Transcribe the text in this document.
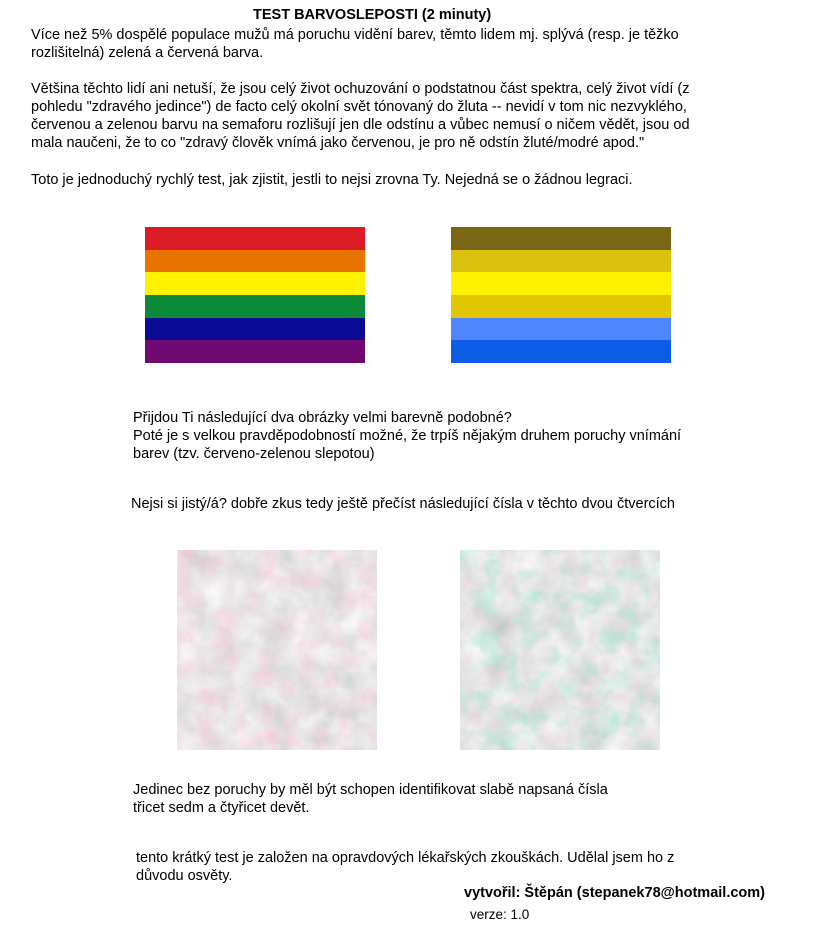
TEST BARVOSLEPOSTI (2 minuty)
Více než 5% dospělé populace mužů má poruchu vidění barev, těmto lidem mj. splývá (resp. je těžko
rozlišitelná) zelená a červená barva.
Většina těchto lidí ani netuší, že jsou celý život ochuzování o podstatnou část spektra, celý život vídí (z
pohledu "zdravého jedince") de facto celý okolní svět tónovaný do žluta -- nevidí v tom nic nezvyklého,
červenou a zelenou barvu na semaforu rozlišují jen dle odstínu a vůbec nemusí o ničem vědět, jsou od
mala naučeni, že to co "zdravý člověk vnímá jako červenou, je pro ně odstín žluté/modré apod."
Toto je jednoduchý rychlý test, jak zjistit, jestli to nejsi zrovna Ty. Nejedná se o žádnou legraci.
Přijdou Ti následující dva obrázky velmi barevně podobné?
Poté je s velkou pravděpodobností možné, že trpíš nějakým druhem poruchy vnímání
barev (tzv. červeno-zelenou slepotou)
Nejsi si jistý/á? dobře zkus tedy ještě přečíst následující čísla v těchto dvou čtvercích
Jedinec bez poruchy by měl být schopen identifikovat slabě napsaná čísla
třicet sedm a čtyřicet devět.
tento krátký test je založen na opravdových lékařských zkouškách. Udělal jsem ho z
důvodu osvěty.
vytvořil: Štěpán (stepanek78@hotmail.com)
verze: 1.0
